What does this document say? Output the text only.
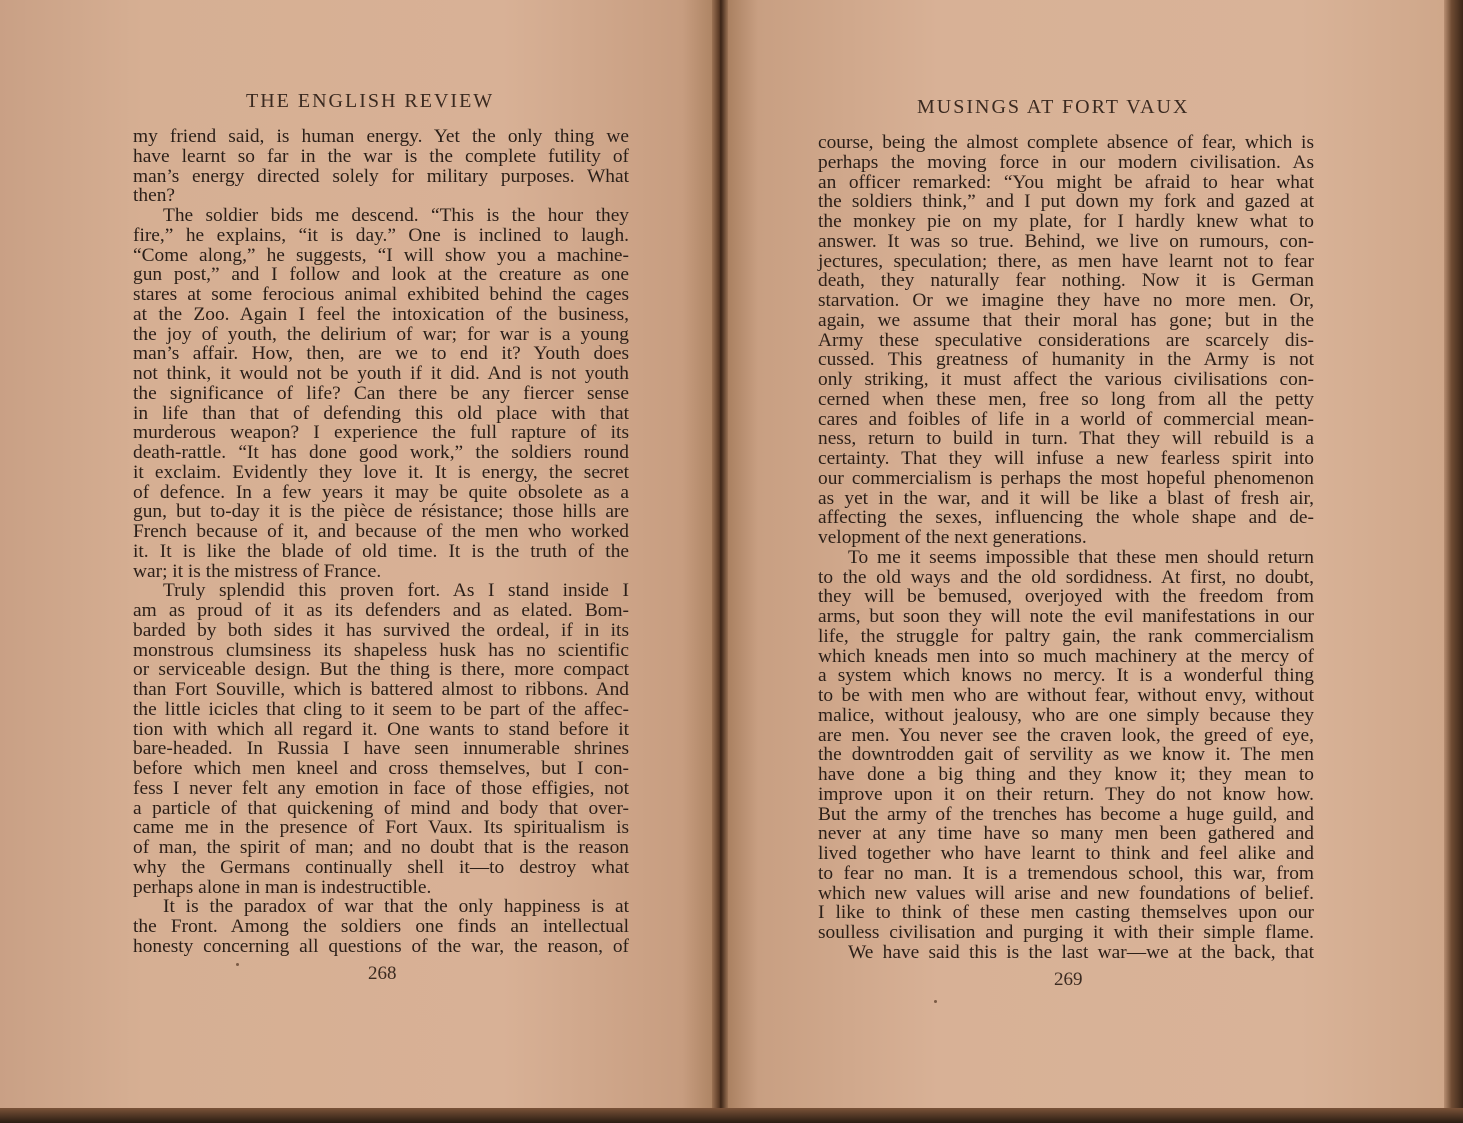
THE ENGLISH REVIEW
my friend said, is human energy. Yet the only thing we
have learnt so far in the war is the complete futility of
man’s energy directed solely for military purposes. What
then?
The soldier bids me descend. “This is the hour they
fire,” he explains, “it is day.” One is inclined to laugh.
“Come along,” he suggests, “I will show you a machine-
gun post,” and I follow and look at the creature as one
stares at some ferocious animal exhibited behind the cages
at the Zoo. Again I feel the intoxication of the business,
the joy of youth, the delirium of war; for war is a young
man’s affair. How, then, are we to end it? Youth does
not think, it would not be youth if it did. And is not youth
the significance of life? Can there be any fiercer sense
in life than that of defending this old place with that
murderous weapon? I experience the full rapture of its
death-rattle. “It has done good work,” the soldiers round
it exclaim. Evidently they love it. It is energy, the secret
of defence. In a few years it may be quite obsolete as a
gun, but to-day it is the pièce de résistance; those hills are
French because of it, and because of the men who worked
it. It is like the blade of old time. It is the truth of the
war; it is the mistress of France.
Truly splendid this proven fort. As I stand inside I
am as proud of it as its defenders and as elated. Bom-
barded by both sides it has survived the ordeal, if in its
monstrous clumsiness its shapeless husk has no scientific
or serviceable design. But the thing is there, more compact
than Fort Souville, which is battered almost to ribbons. And
the little icicles that cling to it seem to be part of the affec-
tion with which all regard it. One wants to stand before it
bare-headed. In Russia I have seen innumerable shrines
before which men kneel and cross themselves, but I con-
fess I never felt any emotion in face of those effigies, not
a particle of that quickening of mind and body that over-
came me in the presence of Fort Vaux. Its spiritualism is
of man, the spirit of man; and no doubt that is the reason
why the Germans continually shell it—to destroy what
perhaps alone in man is indestructible.
It is the paradox of war that the only happiness is at
the Front. Among the soldiers one finds an intellectual
honesty concerning all questions of the war, the reason, of
268
MUSINGS AT FORT VAUX
course, being the almost complete absence of fear, which is
perhaps the moving force in our modern civilisation. As
an officer remarked: “You might be afraid to hear what
the soldiers think,” and I put down my fork and gazed at
the monkey pie on my plate, for I hardly knew what to
answer. It was so true. Behind, we live on rumours, con-
jectures, speculation; there, as men have learnt not to fear
death, they naturally fear nothing. Now it is German
starvation. Or we imagine they have no more men. Or,
again, we assume that their moral has gone; but in the
Army these speculative considerations are scarcely dis-
cussed. This greatness of humanity in the Army is not
only striking, it must affect the various civilisations con-
cerned when these men, free so long from all the petty
cares and foibles of life in a world of commercial mean-
ness, return to build in turn. That they will rebuild is a
certainty. That they will infuse a new fearless spirit into
our commercialism is perhaps the most hopeful phenomenon
as yet in the war, and it will be like a blast of fresh air,
affecting the sexes, influencing the whole shape and de-
velopment of the next generations.
To me it seems impossible that these men should return
to the old ways and the old sordidness. At first, no doubt,
they will be bemused, overjoyed with the freedom from
arms, but soon they will note the evil manifestations in our
life, the struggle for paltry gain, the rank commercialism
which kneads men into so much machinery at the mercy of
a system which knows no mercy. It is a wonderful thing
to be with men who are without fear, without envy, without
malice, without jealousy, who are one simply because they
are men. You never see the craven look, the greed of eye,
the downtrodden gait of servility as we know it. The men
have done a big thing and they know it; they mean to
improve upon it on their return. They do not know how.
But the army of the trenches has become a huge guild, and
never at any time have so many men been gathered and
lived together who have learnt to think and feel alike and
to fear no man. It is a tremendous school, this war, from
which new values will arise and new foundations of belief.
I like to think of these men casting themselves upon our
soulless civilisation and purging it with their simple flame.
We have said this is the last war—we at the back, that
269
